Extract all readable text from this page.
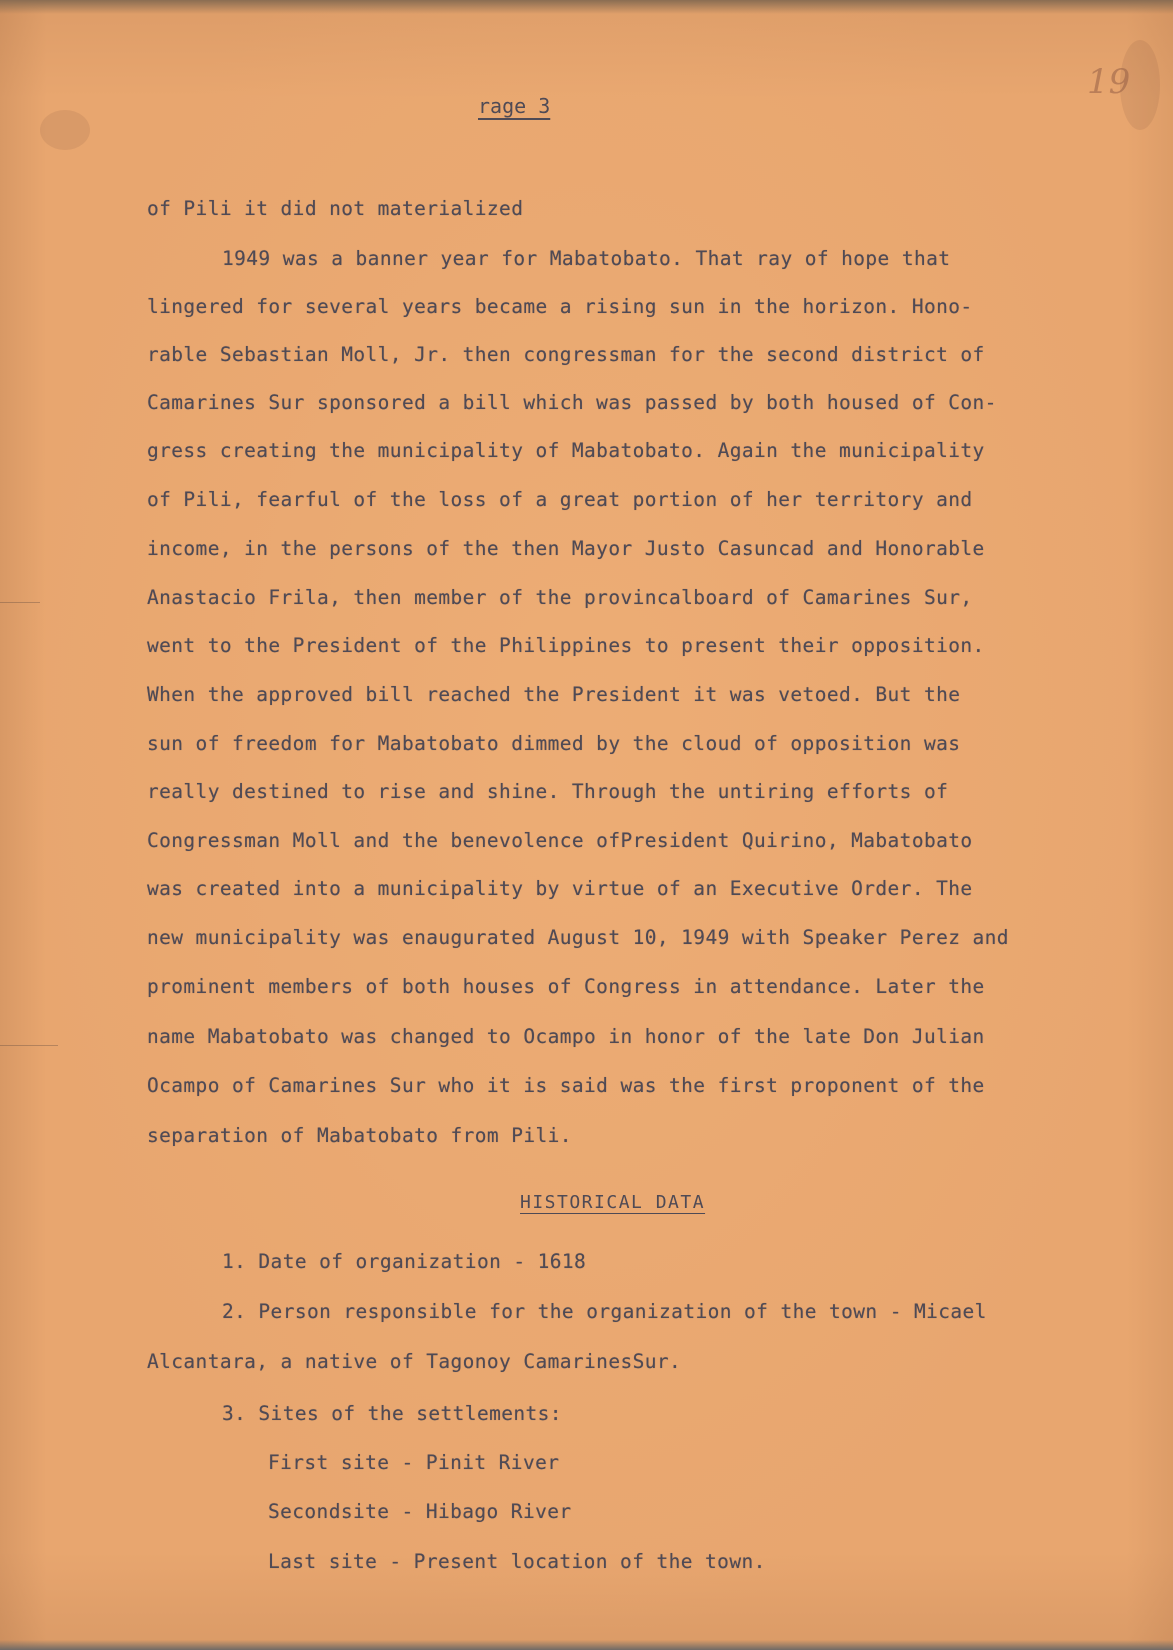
rage 3
19
of Pili it did not materialized
1949 was a banner year for Mabatobato. That ray of hope that
lingered for several years became a rising sun in the horizon. Hono-
rable Sebastian Moll, Jr. then congressman for the second district of
Camarines Sur sponsored a bill which was passed by both housed of Con-
gress creating the municipality of Mabatobato. Again the municipality
of Pili, fearful of the loss of a great portion of her territory and
income, in the persons of the then Mayor Justo Casuncad and Honorable
Anastacio Frila, then member of the provincalboard of Camarines Sur,
went to the President of the Philippines to present their opposition.
When the approved bill reached the President it was vetoed. But the
sun of freedom for Mabatobato dimmed by the cloud of opposition was
really destined to rise and shine. Through the untiring efforts of
Congressman Moll and the benevolence ofPresident Quirino, Mabatobato
was created into a municipality by virtue of an Executive Order. The
new municipality was enaugurated August 10, 1949 with Speaker Perez and
prominent members of both houses of Congress in attendance. Later the
name Mabatobato was changed to Ocampo in honor of the late Don Julian
Ocampo of Camarines Sur who it is said was the first proponent of the
separation of Mabatobato from Pili.
HISTORICAL DATA
1. Date of organization - 1618
2. Person responsible for the organization of the town - Micael
Alcantara, a native of Tagonoy CamarinesSur.
3. Sites of the settlements:
First site - Pinit River
Secondsite - Hibago River
Last site - Present location of the town.
